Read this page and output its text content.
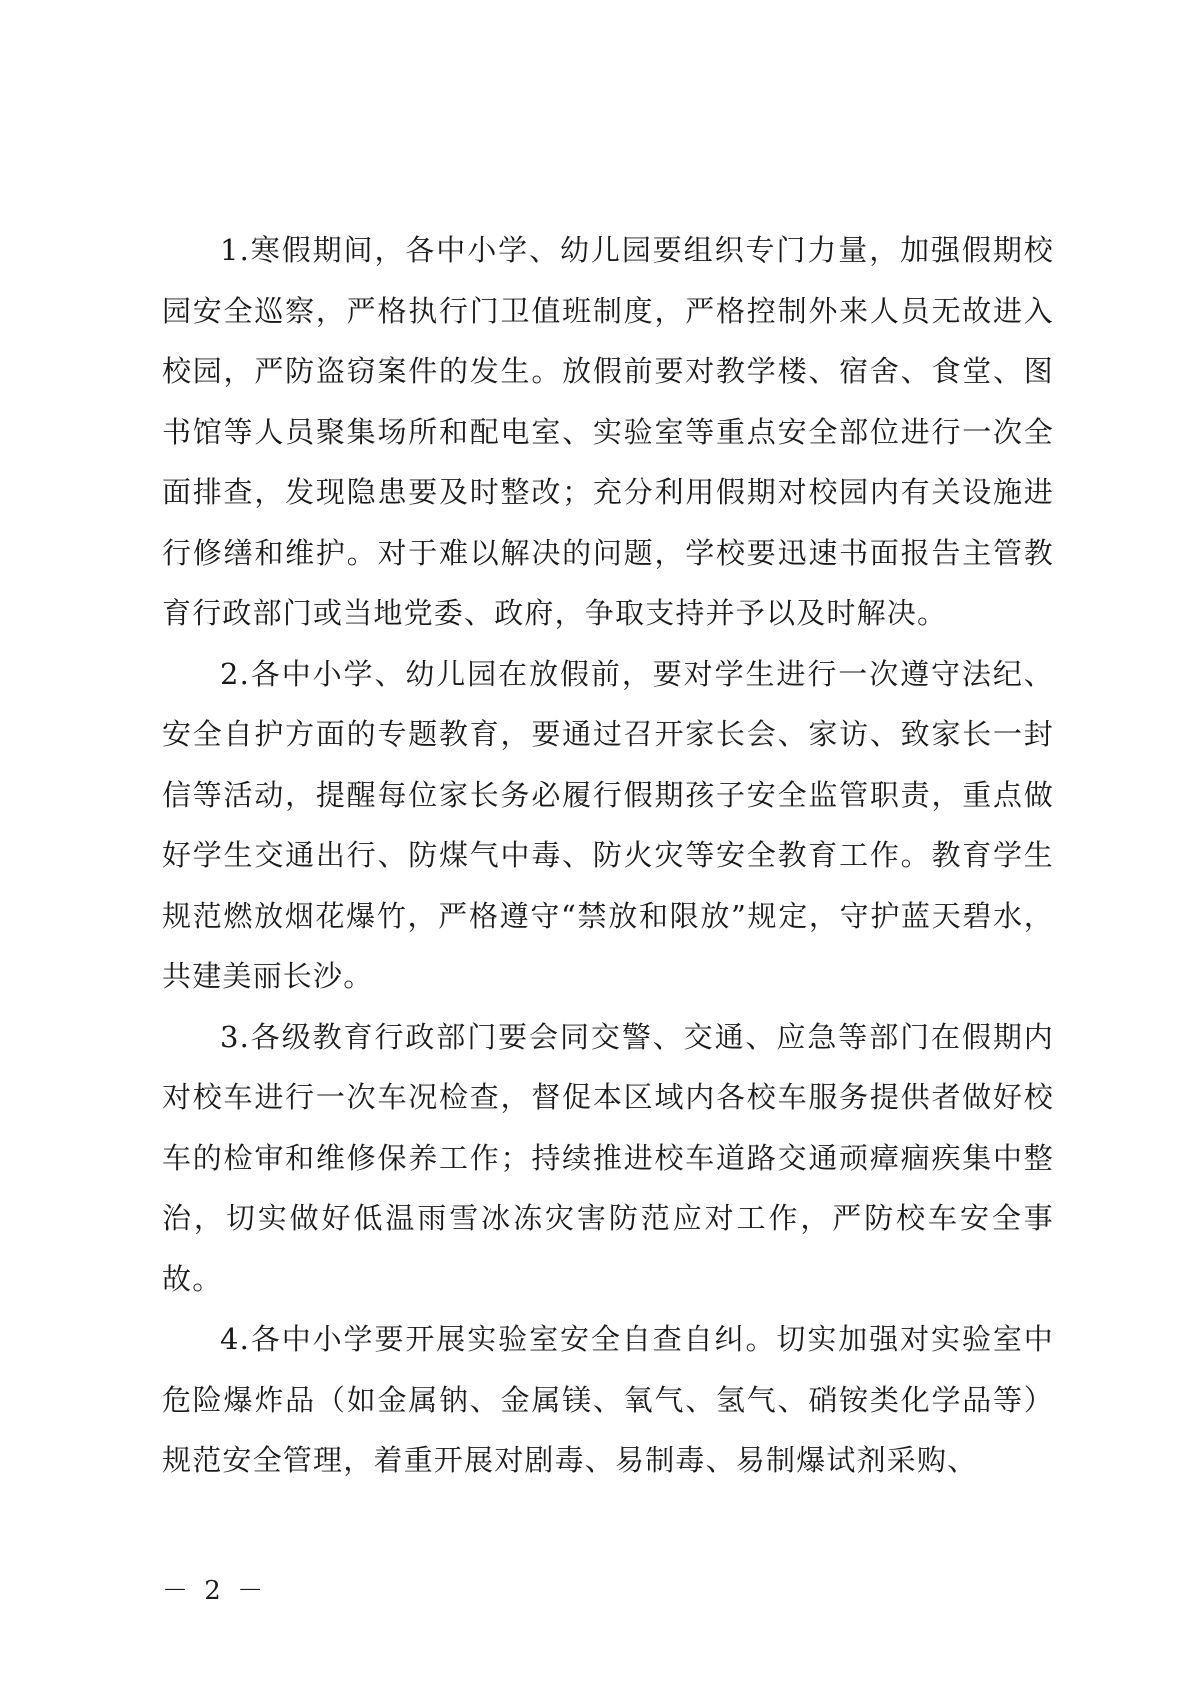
1.寒假期间，各中小学、幼儿园要组织专门力量，加强假期校园安全巡察，严格执行门卫值班制度，严格控制外来人员无故进入校园，严防盗窃案件的发生。放假前要对教学楼、宿舍、食堂、图书馆等人员聚集场所和配电室、实验室等重点安全部位进行一次全面排查，发现隐患要及时整改；充分利用假期对校园内有关设施进行修缮和维护。对于难以解决的问题，学校要迅速书面报告主管教育行政部门或当地党委、政府，争取支持并予以及时解决。

2.各中小学、幼儿园在放假前，要对学生进行一次遵守法纪、安全自护方面的专题教育，要通过召开家长会、家访、致家长一封信等活动，提醒每位家长务必履行假期孩子安全监管职责，重点做好学生交通出行、防煤气中毒、防火灾等安全教育工作。教育学生规范燃放烟花爆竹，严格遵守“禁放和限放”规定，守护蓝天碧水，共建美丽长沙。

3.各级教育行政部门要会同交警、交通、应急等部门在假期内对校车进行一次车况检查，督促本区域内各校车服务提供者做好校车的检审和维修保养工作；持续推进校车道路交通顽瘴痼疾集中整治，切实做好低温雨雪冰冻灾害防范应对工作，严防校车安全事故。

4.各中小学要开展实验室安全自查自纠。切实加强对实验室中危险爆炸品（如金属钠、金属镁、氧气、氢气、硝铵类化学品等）规范安全管理，着重开展对剧毒、易制毒、易制爆试剂采购、

－ 2 －
